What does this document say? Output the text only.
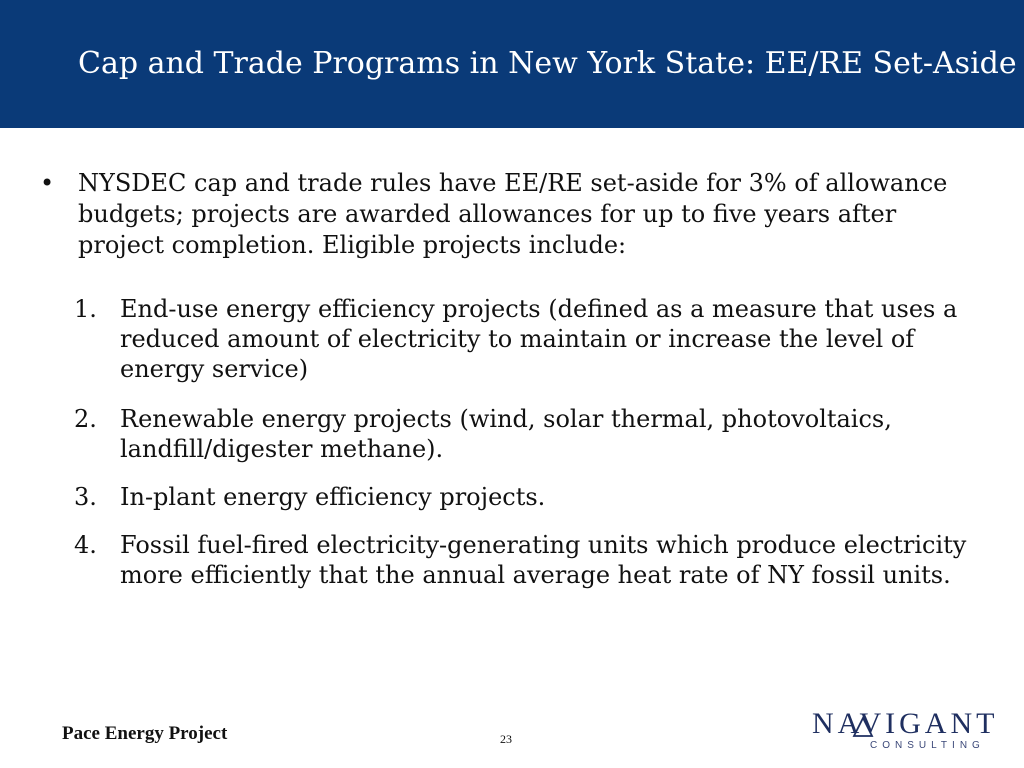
Cap and Trade Programs in New York State: EE/RE Set-Aside
• NYSDEC cap and trade rules have EE/RE set-aside for 3% of allowance budgets; projects are awarded allowances for up to five years after project completion. Eligible projects include:
1. End-use energy efficiency projects (defined as a measure that uses a reduced amount of electricity to maintain or increase the level of energy service)
2. Renewable energy projects (wind, solar thermal, photovoltaics, landfill/digester methane).
3. In-plant energy efficiency projects.
4. Fossil fuel-fired electricity-generating units which produce electricity more efficiently that the annual average heat rate of NY fossil units.
Pace Energy Project	23	NAVIGANT
CONSULTING
